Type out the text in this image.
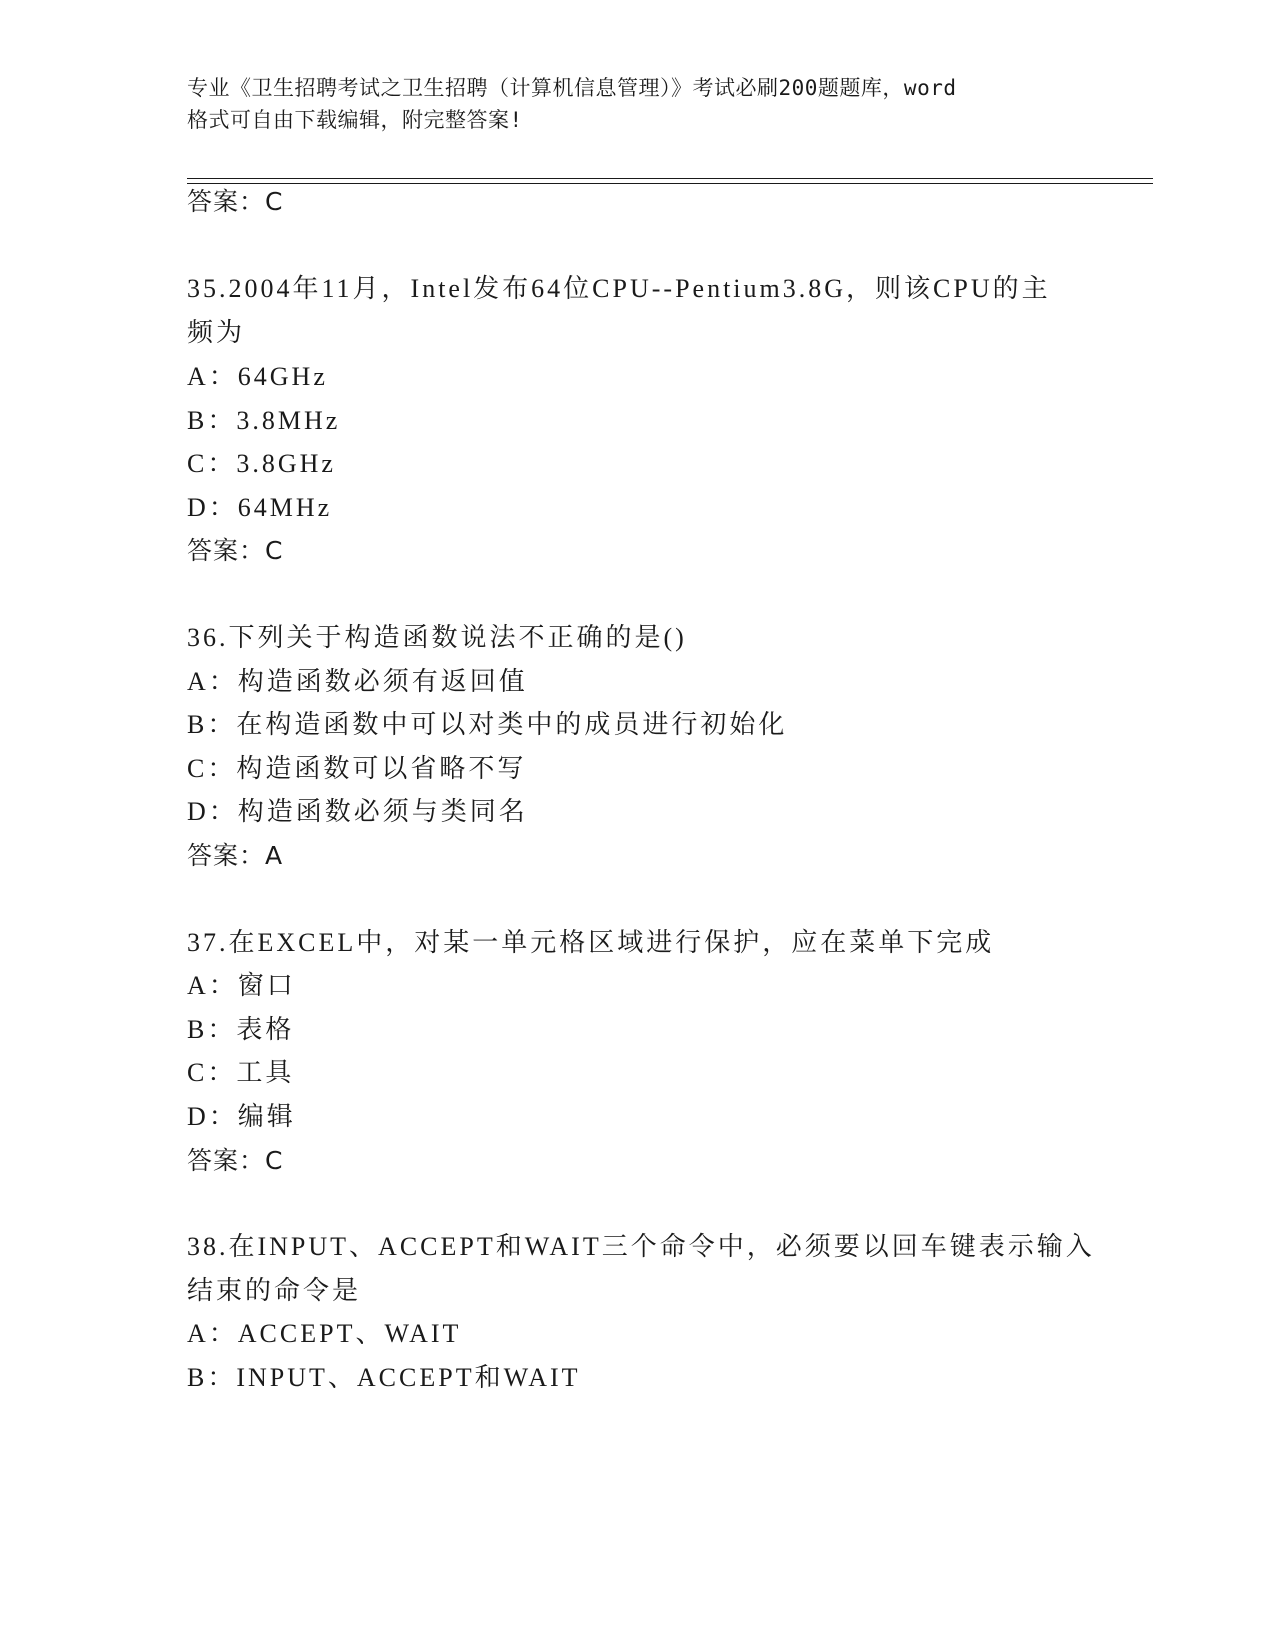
专业《卫生招聘考试之卫生招聘（计算机信息管理）》考试必刷200题题库，word
格式可自由下载编辑，附完整答案!
答案：C
35.2004年11月，Intel发布64位CPU--Pentium3.8G，则该CPU的主
频为
A：64GHz
B：3.8MHz
C：3.8GHz
D：64MHz
答案：C
36.下列关于构造函数说法不正确的是()
A：构造函数必须有返回值
B：在构造函数中可以对类中的成员进行初始化
C：构造函数可以省略不写
D：构造函数必须与类同名
答案：A
37.在EXCEL中，对某一单元格区域进行保护，应在菜单下完成
A：窗口
B：表格
C：工具
D：编辑
答案：C
38.在INPUT、ACCEPT和WAIT三个命令中，必须要以回车键表示输入
结束的命令是
A：ACCEPT、WAIT
B：INPUT、ACCEPT和WAIT
